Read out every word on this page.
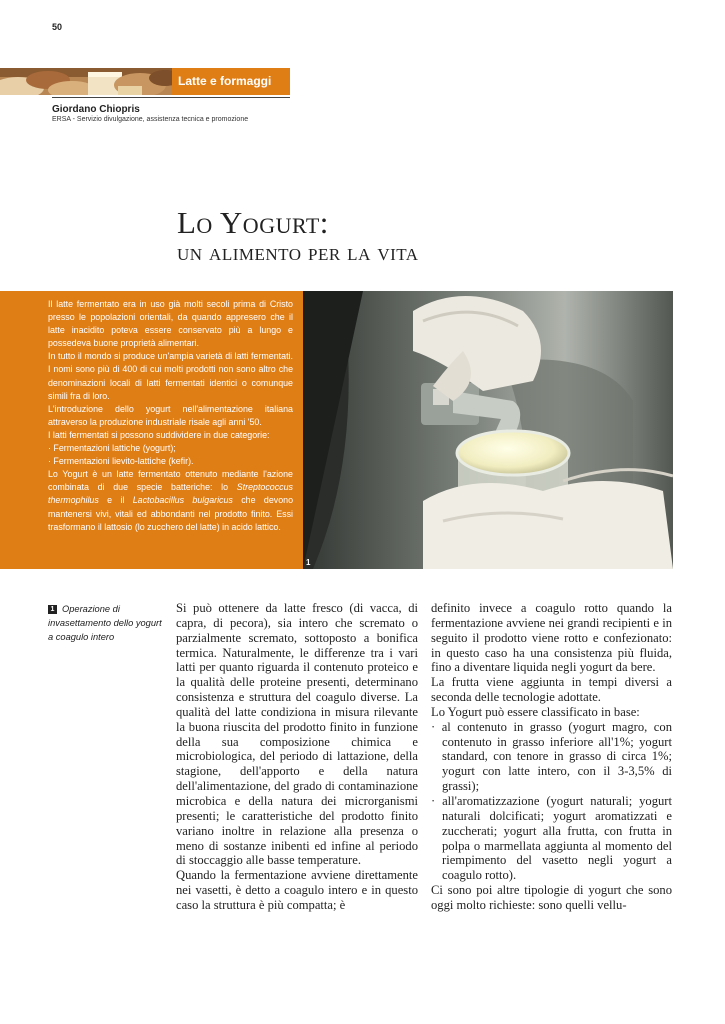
50
Latte e formaggi
Giordano Chiopris
ERSA - Servizio divulgazione, assistenza tecnica e promozione
Lo Yogurt:
un alimento per la vita

Il latte fermentato era in uso già molti secoli prima di Cristo presso le popolazioni orientali, da quando appresero che il latte inacidito poteva essere conservato più a lungo e possedeva buone proprietà alimentari.

In tutto il mondo si produce un'ampia varietà di latti fermentati. I nomi sono più di 400 di cui molti prodotti non sono altro che denominazioni locali di latti fermentati identici o comunque simili fra di loro.

L'introduzione dello yogurt nell'alimentazione italiana attraverso la produzione industriale risale agli anni '50.

I latti fermentati si possono suddividere in due categorie:

· Fermentazioni lattiche (yogurt);

· Fermentazioni lievito-lattiche (kefir).

Lo Yogurt è un latte fermentato ottenuto mediante l'azione combinata di due specie batteriche: lo Streptococcus thermophilus e il Lactobacillus bulgaricus che devono mantenersi vivi, vitali ed abbondanti nel prodotto finito. Essi trasformano il lattosio (lo zucchero del latte) in acido lattico.

1
1 Operazione di invasettamento dello yogurt a coagulo intero

Si può ottenere da latte fresco (di vacca, di capra, di pecora), sia intero che scremato o parzialmente scremato, sottoposto a bonifica termica. Naturalmente, le differenze tra i vari latti per quanto riguarda il contenuto proteico e la qualità delle proteine presenti, determinano consistenza e struttura del coagulo diverse. La qualità del latte condiziona in misura rilevante la buona riuscita del prodotto finito in funzione della sua composizione chimica e microbiologica, del periodo di lattazione, della stagione, dell'apporto e della natura dell'alimentazione, del grado di contaminazione microbica e della natura dei microrganismi presenti; le caratteristiche del prodotto finito variano inoltre in relazione alla presenza o meno di sostanze inibenti ed infine al periodo di stoccaggio alle basse temperature.

Quando la fermentazione avviene direttamente nei vasetti, è detto a coagulo intero e in questo caso la struttura è più compatta; è

definito invece a coagulo rotto quando la fermentazione avviene nei grandi recipienti e in seguito il prodotto viene rotto e confezionato: in questo caso ha una consistenza più fluida, fino a diventare liquida negli yogurt da bere.

La frutta viene aggiunta in tempi diversi a seconda delle tecnologie adottate.

Lo Yogurt può essere classificato in base:

· al contenuto in grasso (yogurt magro, con contenuto in grasso inferiore all'1%; yogurt standard, con tenore in grasso di circa 1%; yogurt con latte intero, con il 3-3,5% di grassi);

· all'aromatizzazione (yogurt naturali; yogurt naturali dolcificati; yogurt aromatizzati e zuccherati; yogurt alla frutta, con frutta in polpa o marmellata aggiunta al momento del riempimento del vasetto negli yogurt a coagulo rotto).

Ci sono poi altre tipologie di yogurt che sono oggi molto richieste: sono quelli vellu-
